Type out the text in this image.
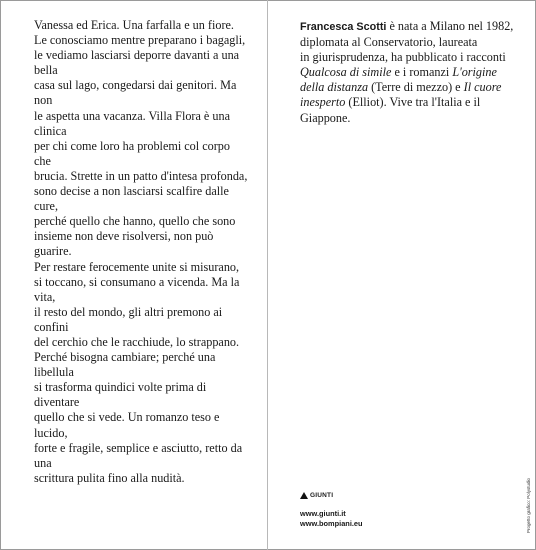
Vanessa ed Erica. Una farfalla e un fiore.

Le conosciamo mentre preparano i bagagli,

le vediamo lasciarsi deporre davanti a una bella

casa sul lago, congedarsi dai genitori. Ma non

le aspetta una vacanza. Villa Flora è una clinica

per chi come loro ha problemi col corpo che

brucia. Strette in un patto d'intesa profonda,

sono decise a non lasciarsi scalfire dalle cure,

perché quello che hanno, quello che sono

insieme non deve risolversi, non può guarire.

Per restare ferocemente unite si misurano,

si toccano, si consumano a vicenda. Ma la vita,

il resto del mondo, gli altri premono ai confini

del cerchio che le racchiude, lo strappano.

Perché bisogna cambiare; perché una libellula

si trasforma quindici volte prima di diventare

quello che si vede. Un romanzo teso e lucido,

forte e fragile, semplice e asciutto, retto da una

scrittura pulita fino alla nudità.

Francesca Scotti è nata a Milano nel 1982,
diplomata al Conservatorio, laureata
in giurisprudenza, ha pubblicato i racconti
Qualcosa di simile e i romanzi L'origine
della distanza (Terre di mezzo) e Il cuore
inesperto (Elliot). Vive tra l'Italia e il Giappone.
GIUNTI
www.giunti.it
www.bompiani.eu	Progetto grafico: Polystudio
